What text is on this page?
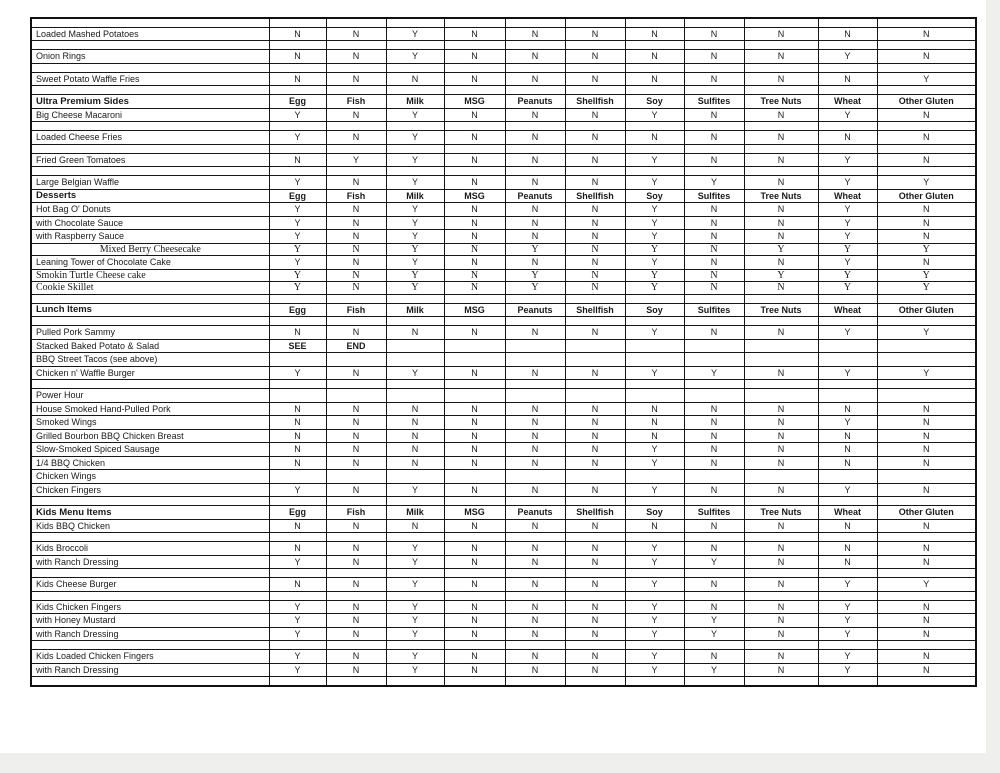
Loaded Mashed Potatoes	N	N	Y	N	N	N	N	N	N	N	N

Onion Rings	N	N	Y	N	N	N	N	N	N	Y	N

Sweet Potato Waffle Fries	N	N	N	N	N	N	N	N	N	N	Y

Ultra Premium Sides	Egg	Fish	Milk	MSG	Peanuts	Shellfish	Soy	Sulfites	Tree Nuts	Wheat	Other Gluten
Big Cheese Macaroni	Y	N	Y	N	N	N	Y	N	N	Y	N

Loaded Cheese Fries	Y	N	Y	N	N	N	N	N	N	N	N

Fried Green Tomatoes	N	Y	Y	N	N	N	Y	N	N	Y	N

Large Belgian Waffle	Y	N	Y	N	N	N	Y	Y	N	Y	Y
Desserts	Egg	Fish	Milk	MSG	Peanuts	Shellfish	Soy	Sulfites	Tree Nuts	Wheat	Other Gluten
Hot Bag O' Donuts	Y	N	Y	N	N	N	Y	N	N	Y	N
with Chocolate Sauce	Y	N	Y	N	N	N	Y	N	N	Y	N
with Raspberry Sauce	Y	N	Y	N	N	N	Y	N	N	Y	N
Mixed Berry Cheesecake	Y	N	Y	N	Y	N	Y	N	Y	Y	Y
Leaning Tower of Chocolate Cake	Y	N	Y	N	N	N	Y	N	N	Y	N
Smokin Turtle Cheese cake	Y	N	Y	N	Y	N	Y	N	Y	Y	Y
Cookie Skillet	Y	N	Y	N	Y	N	Y	N	N	Y	Y

Lunch Items	Egg	Fish	Milk	MSG	Peanuts	Shellfish	Soy	Sulfites	Tree Nuts	Wheat	Other Gluten

Pulled Pork Sammy	N	N	N	N	N	N	Y	N	N	Y	Y
Stacked Baked Potato & Salad	SEE	END									
BBQ Street Tacos (see above)											
Chicken n' Waffle Burger	Y	N	Y	N	N	N	Y	Y	N	Y	Y

Power Hour											
House Smoked Hand-Pulled Pork	N	N	N	N	N	N	N	N	N	N	N
Smoked Wings	N	N	N	N	N	N	N	N	N	Y	N
Grilled Bourbon BBQ Chicken Breast	N	N	N	N	N	N	N	N	N	N	N
Slow-Smoked Spiced Sausage	N	N	N	N	N	N	Y	N	N	N	N
1/4 BBQ Chicken	N	N	N	N	N	N	Y	N	N	N	N
Chicken Wings											
Chicken Fingers	Y	N	Y	N	N	N	Y	N	N	Y	N

Kids Menu Items	Egg	Fish	Milk	MSG	Peanuts	Shellfish	Soy	Sulfites	Tree Nuts	Wheat	Other Gluten
Kids BBQ Chicken	N	N	N	N	N	N	N	N	N	N	N

Kids Broccoli	N	N	Y	N	N	N	Y	N	N	N	N
with Ranch Dressing	Y	N	Y	N	N	N	Y	Y	N	N	N

Kids Cheese Burger	N	N	Y	N	N	N	Y	N	N	Y	Y

Kids Chicken Fingers	Y	N	Y	N	N	N	Y	N	N	Y	N
with Honey Mustard	Y	N	Y	N	N	N	Y	Y	N	Y	N
with Ranch Dressing	Y	N	Y	N	N	N	Y	Y	N	Y	N

Kids Loaded Chicken Fingers	Y	N	Y	N	N	N	Y	N	N	Y	N
with Ranch Dressing	Y	N	Y	N	N	N	Y	Y	N	Y	N
